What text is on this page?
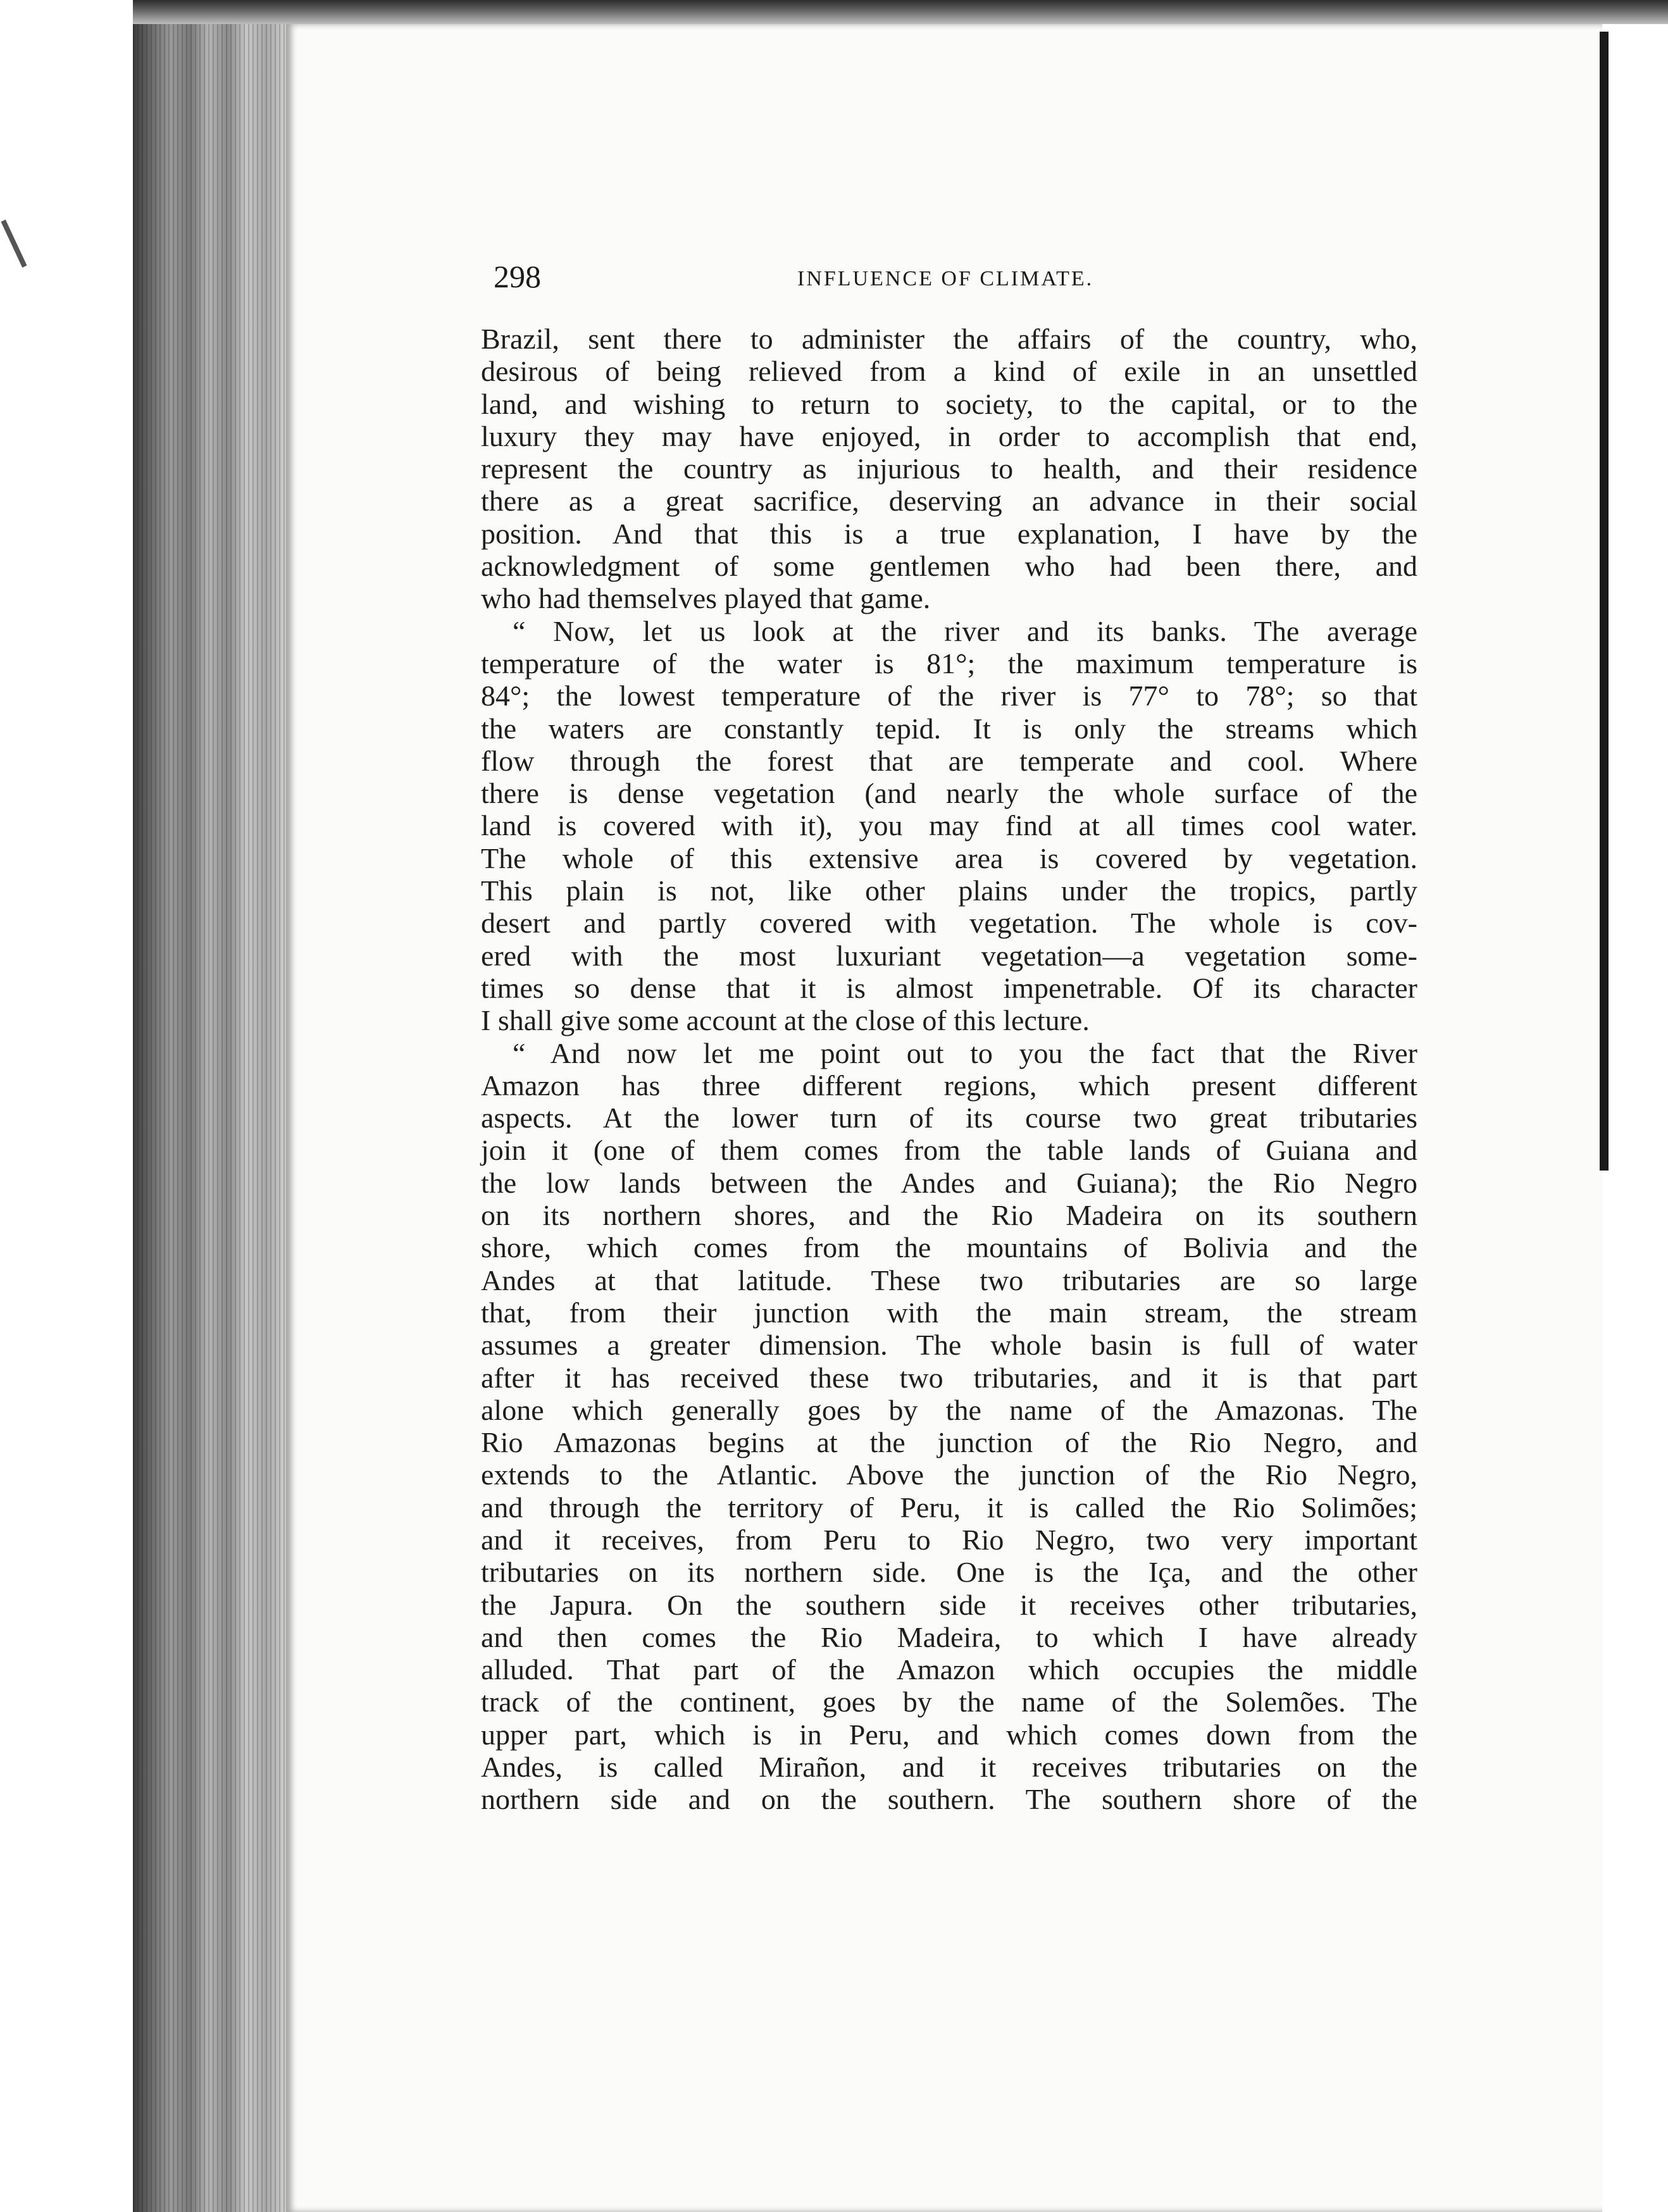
298	INFLUENCE OF CLIMATE.
Brazil, sent there to administer the affairs of the country, who,
desirous of being relieved from a kind of exile in an unsettled
land, and wishing to return to society, to the capital, or to the
luxury they may have enjoyed, in order to accomplish that end,
represent the country as injurious to health, and their residence
there as a great sacrifice, deserving an advance in their social
position. And that this is a true explanation, I have by the
acknowledgment of some gentlemen who had been there, and
who had themselves played that game.
“ Now, let us look at the river and its banks. The average
temperature of the water is 81°; the maximum temperature is
84°; the lowest temperature of the river is 77° to 78°; so that
the waters are constantly tepid. It is only the streams which
flow through the forest that are temperate and cool. Where
there is dense vegetation (and nearly the whole surface of the
land is covered with it), you may find at all times cool water.
The whole of this extensive area is covered by vegetation.
This plain is not, like other plains under the tropics, partly
desert and partly covered with vegetation. The whole is cov-
ered with the most luxuriant vegetation—a vegetation some-
times so dense that it is almost impenetrable. Of its character
I shall give some account at the close of this lecture.
“ And now let me point out to you the fact that the River
Amazon has three different regions, which present different
aspects. At the lower turn of its course two great tributaries
join it (one of them comes from the table lands of Guiana and
the low lands between the Andes and Guiana); the Rio Negro
on its northern shores, and the Rio Madeira on its southern
shore, which comes from the mountains of Bolivia and the
Andes at that latitude. These two tributaries are so large
that, from their junction with the main stream, the stream
assumes a greater dimension. The whole basin is full of water
after it has received these two tributaries, and it is that part
alone which generally goes by the name of the Amazonas. The
Rio Amazonas begins at the junction of the Rio Negro, and
extends to the Atlantic. Above the junction of the Rio Negro,
and through the territory of Peru, it is called the Rio Solimões;
and it receives, from Peru to Rio Negro, two very important
tributaries on its northern side. One is the Iça, and the other
the Japura. On the southern side it receives other tributaries,
and then comes the Rio Madeira, to which I have already
alluded. That part of the Amazon which occupies the middle
track of the continent, goes by the name of the Solemões. The
upper part, which is in Peru, and which comes down from the
Andes, is called Mirañon, and it receives tributaries on the
northern side and on the southern. The southern shore of the
